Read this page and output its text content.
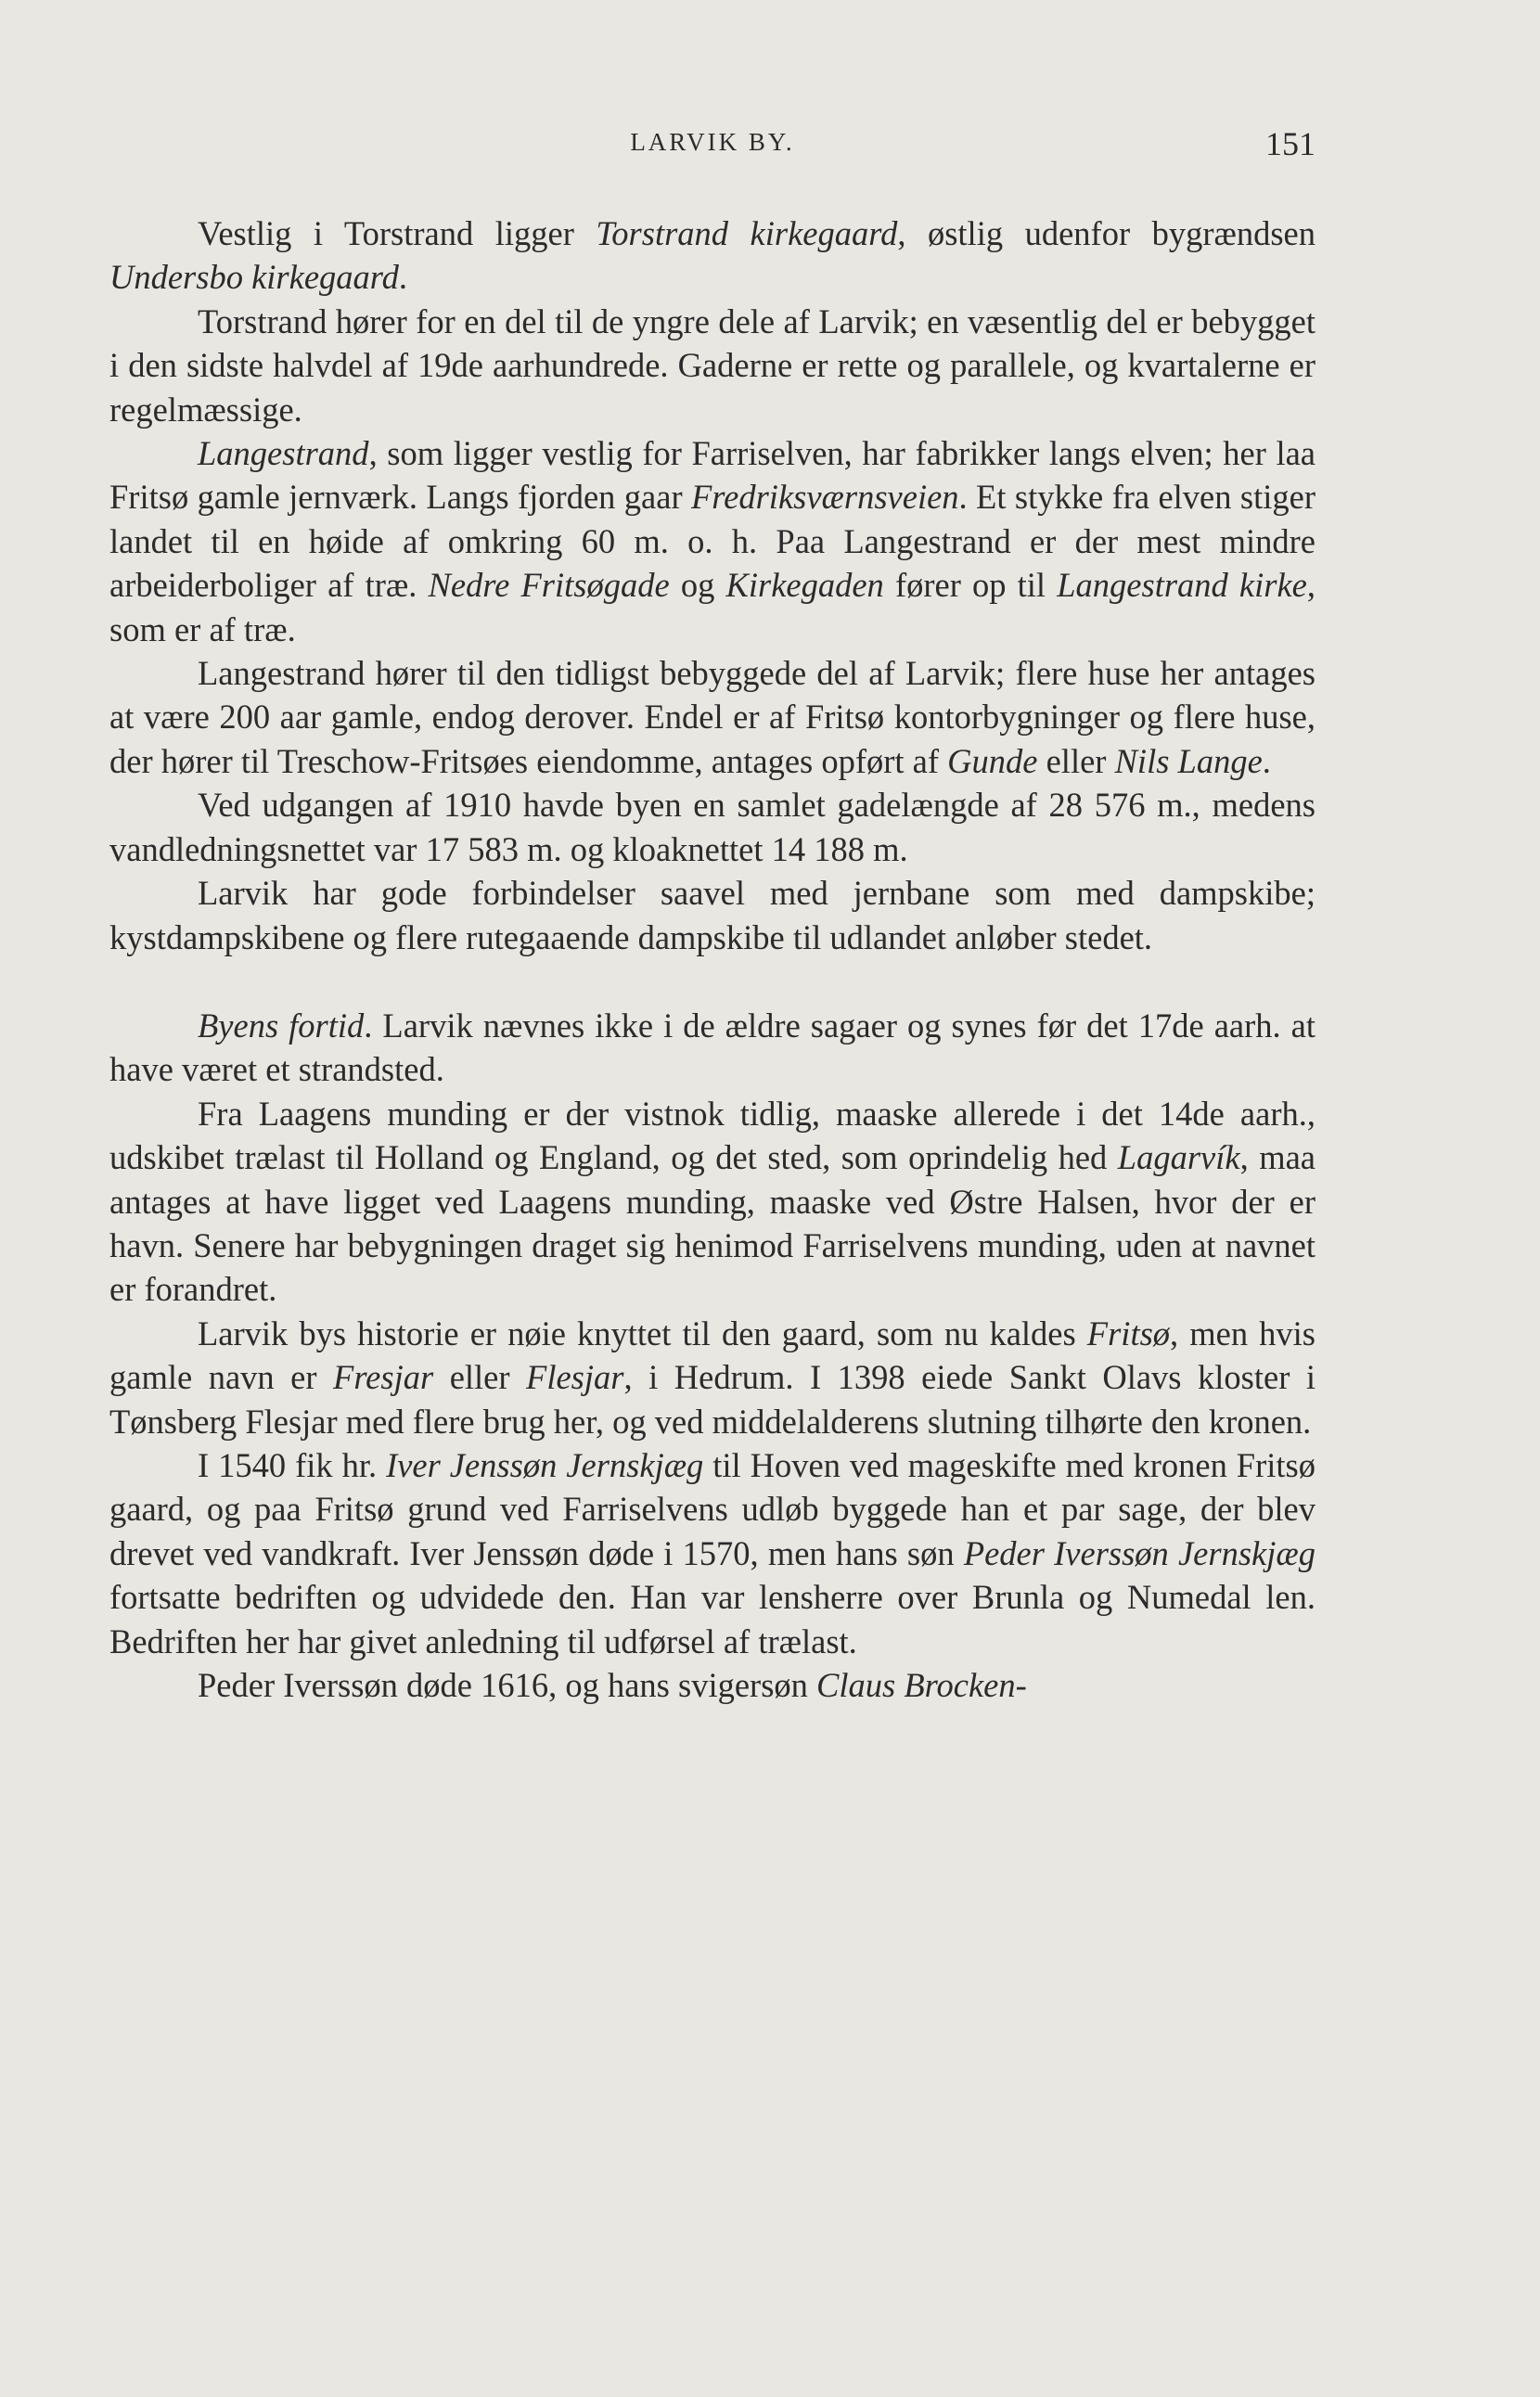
LARVIK BY.	151

Vestlig i Torstrand ligger Torstrand kirkegaard, østlig udenfor bygrændsen Undersbo kirkegaard.

Torstrand hører for en del til de yngre dele af Larvik; en væsentlig del er bebygget i den sidste halvdel af 19de aarhundrede. Gaderne er rette og parallele, og kvartalerne er regelmæssige.

Langestrand, som ligger vestlig for Farriselven, har fabrikker langs elven; her laa Fritsø gamle jernværk. Langs fjorden gaar Fredriksværnsveien. Et stykke fra elven stiger landet til en høide af omkring 60 m. o. h. Paa Langestrand er der mest mindre arbeiderboliger af træ. Nedre Fritsøgade og Kirkegaden fører op til Langestrand kirke, som er af træ.

Langestrand hører til den tidligst bebyggede del af Larvik; flere huse her antages at være 200 aar gamle, endog derover. Endel er af Fritsø kontorbygninger og flere huse, der hører til Treschow-Fritsøes eiendomme, antages opført af Gunde eller Nils Lange.

Ved udgangen af 1910 havde byen en samlet gadelængde af 28 576 m., medens vandledningsnettet var 17 583 m. og kloaknettet 14 188 m.

Larvik har gode forbindelser saavel med jernbane som med dampskibe; kystdampskibene og flere rutegaaende dampskibe til udlandet anløber stedet.

Byens fortid. Larvik nævnes ikke i de ældre sagaer og synes før det 17de aarh. at have været et strandsted.

Fra Laagens munding er der vistnok tidlig, maaske allerede i det 14de aarh., udskibet trælast til Holland og England, og det sted, som oprindelig hed Lagarvík, maa antages at have ligget ved Laagens munding, maaske ved Østre Halsen, hvor der er havn. Senere har bebygningen draget sig henimod Farriselvens munding, uden at navnet er forandret.

Larvik bys historie er nøie knyttet til den gaard, som nu kaldes Fritsø, men hvis gamle navn er Fresjar eller Flesjar, i Hedrum. I 1398 eiede Sankt Olavs kloster i Tønsberg Flesjar med flere brug her, og ved middelalderens slutning tilhørte den kronen.

I 1540 fik hr. Iver Jenssøn Jernskjæg til Hoven ved mageskifte med kronen Fritsø gaard, og paa Fritsø grund ved Farriselvens udløb byggede han et par sage, der blev drevet ved vandkraft. Iver Jenssøn døde i 1570, men hans søn Peder Iverssøn Jernskjæg fortsatte bedriften og udvidede den. Han var lensherre over Brunla og Numedal len. Bedriften her har givet anledning til udførsel af trælast.

Peder Iverssøn døde 1616, og hans svigersøn Claus Brocken-
